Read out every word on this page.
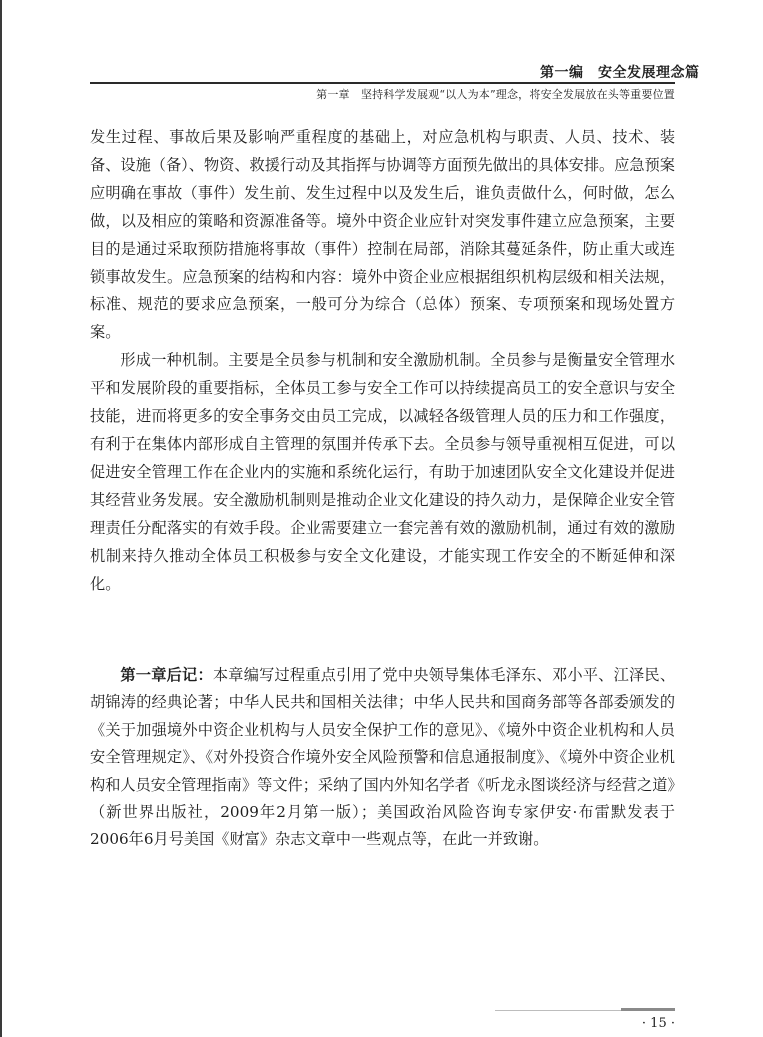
第一编　安全发展理念篇
第一章　坚持科学发展观“以人为本”理念，将安全发展放在头等重要位置

发生过程、事故后果及影响严重程度的基础上，对应急机构与职责、人员、技术、装备、设施（备）、物资、救援行动及其指挥与协调等方面预先做出的具体安排。应急预案应明确在事故（事件）发生前、发生过程中以及发生后，谁负责做什么，何时做，怎么做，以及相应的策略和资源准备等。境外中资企业应针对突发事件建立应急预案，主要目的是通过采取预防措施将事故（事件）控制在局部，消除其蔓延条件，防止重大或连锁事故发生。应急预案的结构和内容：境外中资企业应根据组织机构层级和相关法规，标准、规范的要求应急预案，一般可分为综合（总体）预案、专项预案和现场处置方案。

形成一种机制。主要是全员参与机制和安全激励机制。全员参与是衡量安全管理水平和发展阶段的重要指标，全体员工参与安全工作可以持续提高员工的安全意识与安全技能，进而将更多的安全事务交由员工完成，以减轻各级管理人员的压力和工作强度，有利于在集体内部形成自主管理的氛围并传承下去。全员参与领导重视相互促进，可以促进安全管理工作在企业内的实施和系统化运行，有助于加速团队安全文化建设并促进其经营业务发展。安全激励机制则是推动企业文化建设的持久动力，是保障企业安全管理责任分配落实的有效手段。企业需要建立一套完善有效的激励机制，通过有效的激励机制来持久推动全体员工积极参与安全文化建设，才能实现工作安全的不断延伸和深化。

第一章后记：本章编写过程重点引用了党中央领导集体毛泽东、邓小平、江泽民、胡锦涛的经典论著；中华人民共和国相关法律；中华人民共和国商务部等各部委颁发的《关于加强境外中资企业机构与人员安全保护工作的意见》、《境外中资企业机构和人员安全管理规定》、《对外投资合作境外安全风险预警和信息通报制度》、《境外中资企业机构和人员安全管理指南》等文件；采纳了国内外知名学者《听龙永图谈经济与经营之道》（新世界出版社，2009年2月第一版）；美国政治风险咨询专家伊安·布雷默发表于2006年6月号美国《财富》杂志文章中一些观点等，在此一并致谢。
· 15 ·
